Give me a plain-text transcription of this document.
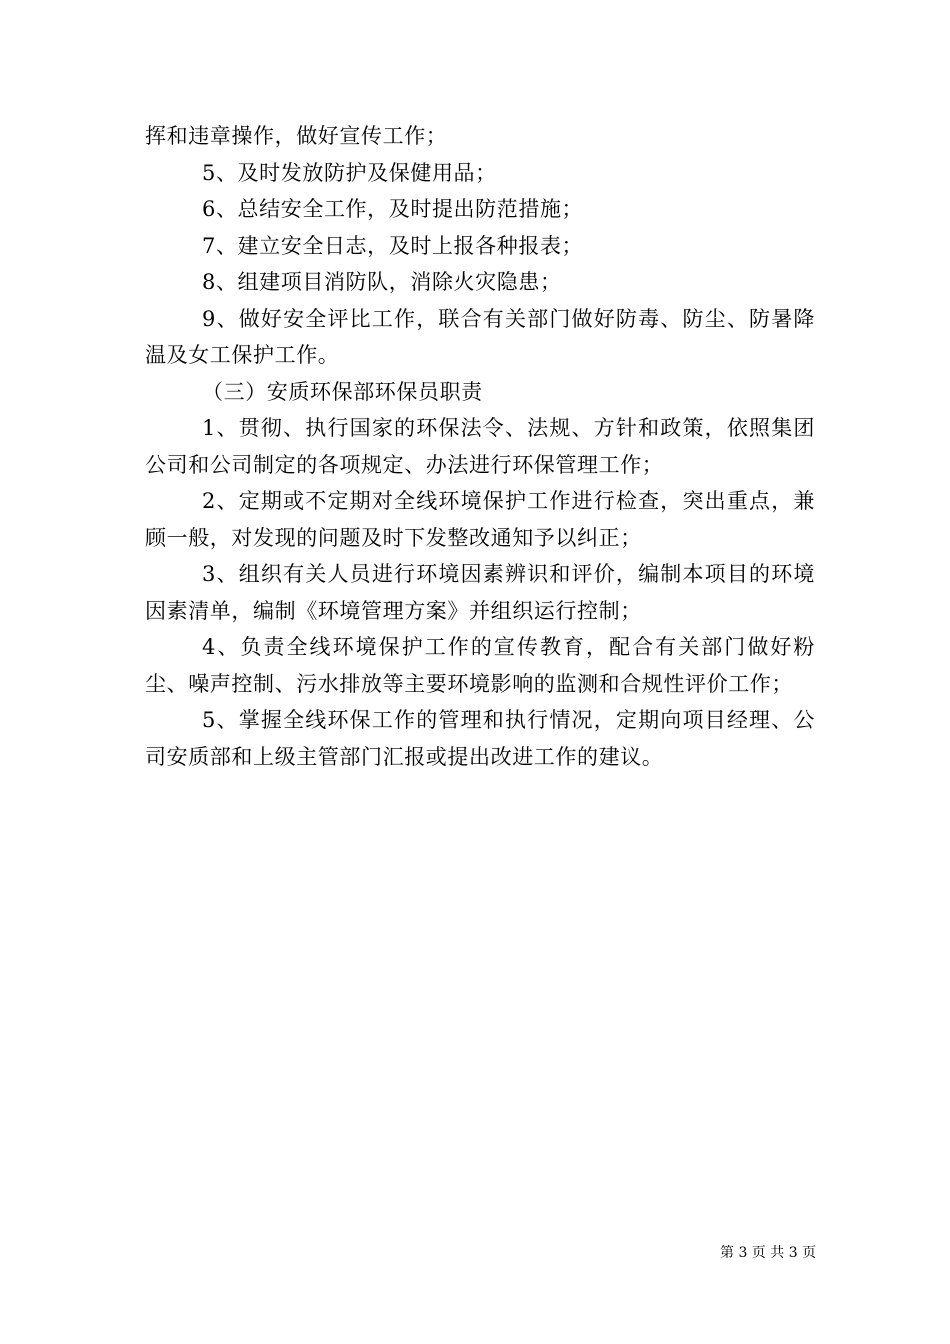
挥和违章操作，做好宣传工作；

5、及时发放防护及保健用品；

6、总结安全工作，及时提出防范措施；

7、建立安全日志，及时上报各种报表；

8、组建项目消防队，消除火灾隐患；

9、做好安全评比工作，联合有关部门做好防毒、防尘、防暑降温及女工保护工作。

（三）安质环保部环保员职责

1、贯彻、执行国家的环保法令、法规、方针和政策，依照集团公司和公司制定的各项规定、办法进行环保管理工作；

2、定期或不定期对全线环境保护工作进行检查，突出重点，兼顾一般，对发现的问题及时下发整改通知予以纠正；

3、组织有关人员进行环境因素辨识和评价，编制本项目的环境因素清单，编制《环境管理方案》并组织运行控制；

4、负责全线环境保护工作的宣传教育，配合有关部门做好粉尘、噪声控制、污水排放等主要环境影响的监测和合规性评价工作；

5、掌握全线环保工作的管理和执行情况，定期向项目经理、公司安质部和上级主管部门汇报或提出改进工作的建议。

第 3 页 共 3 页
